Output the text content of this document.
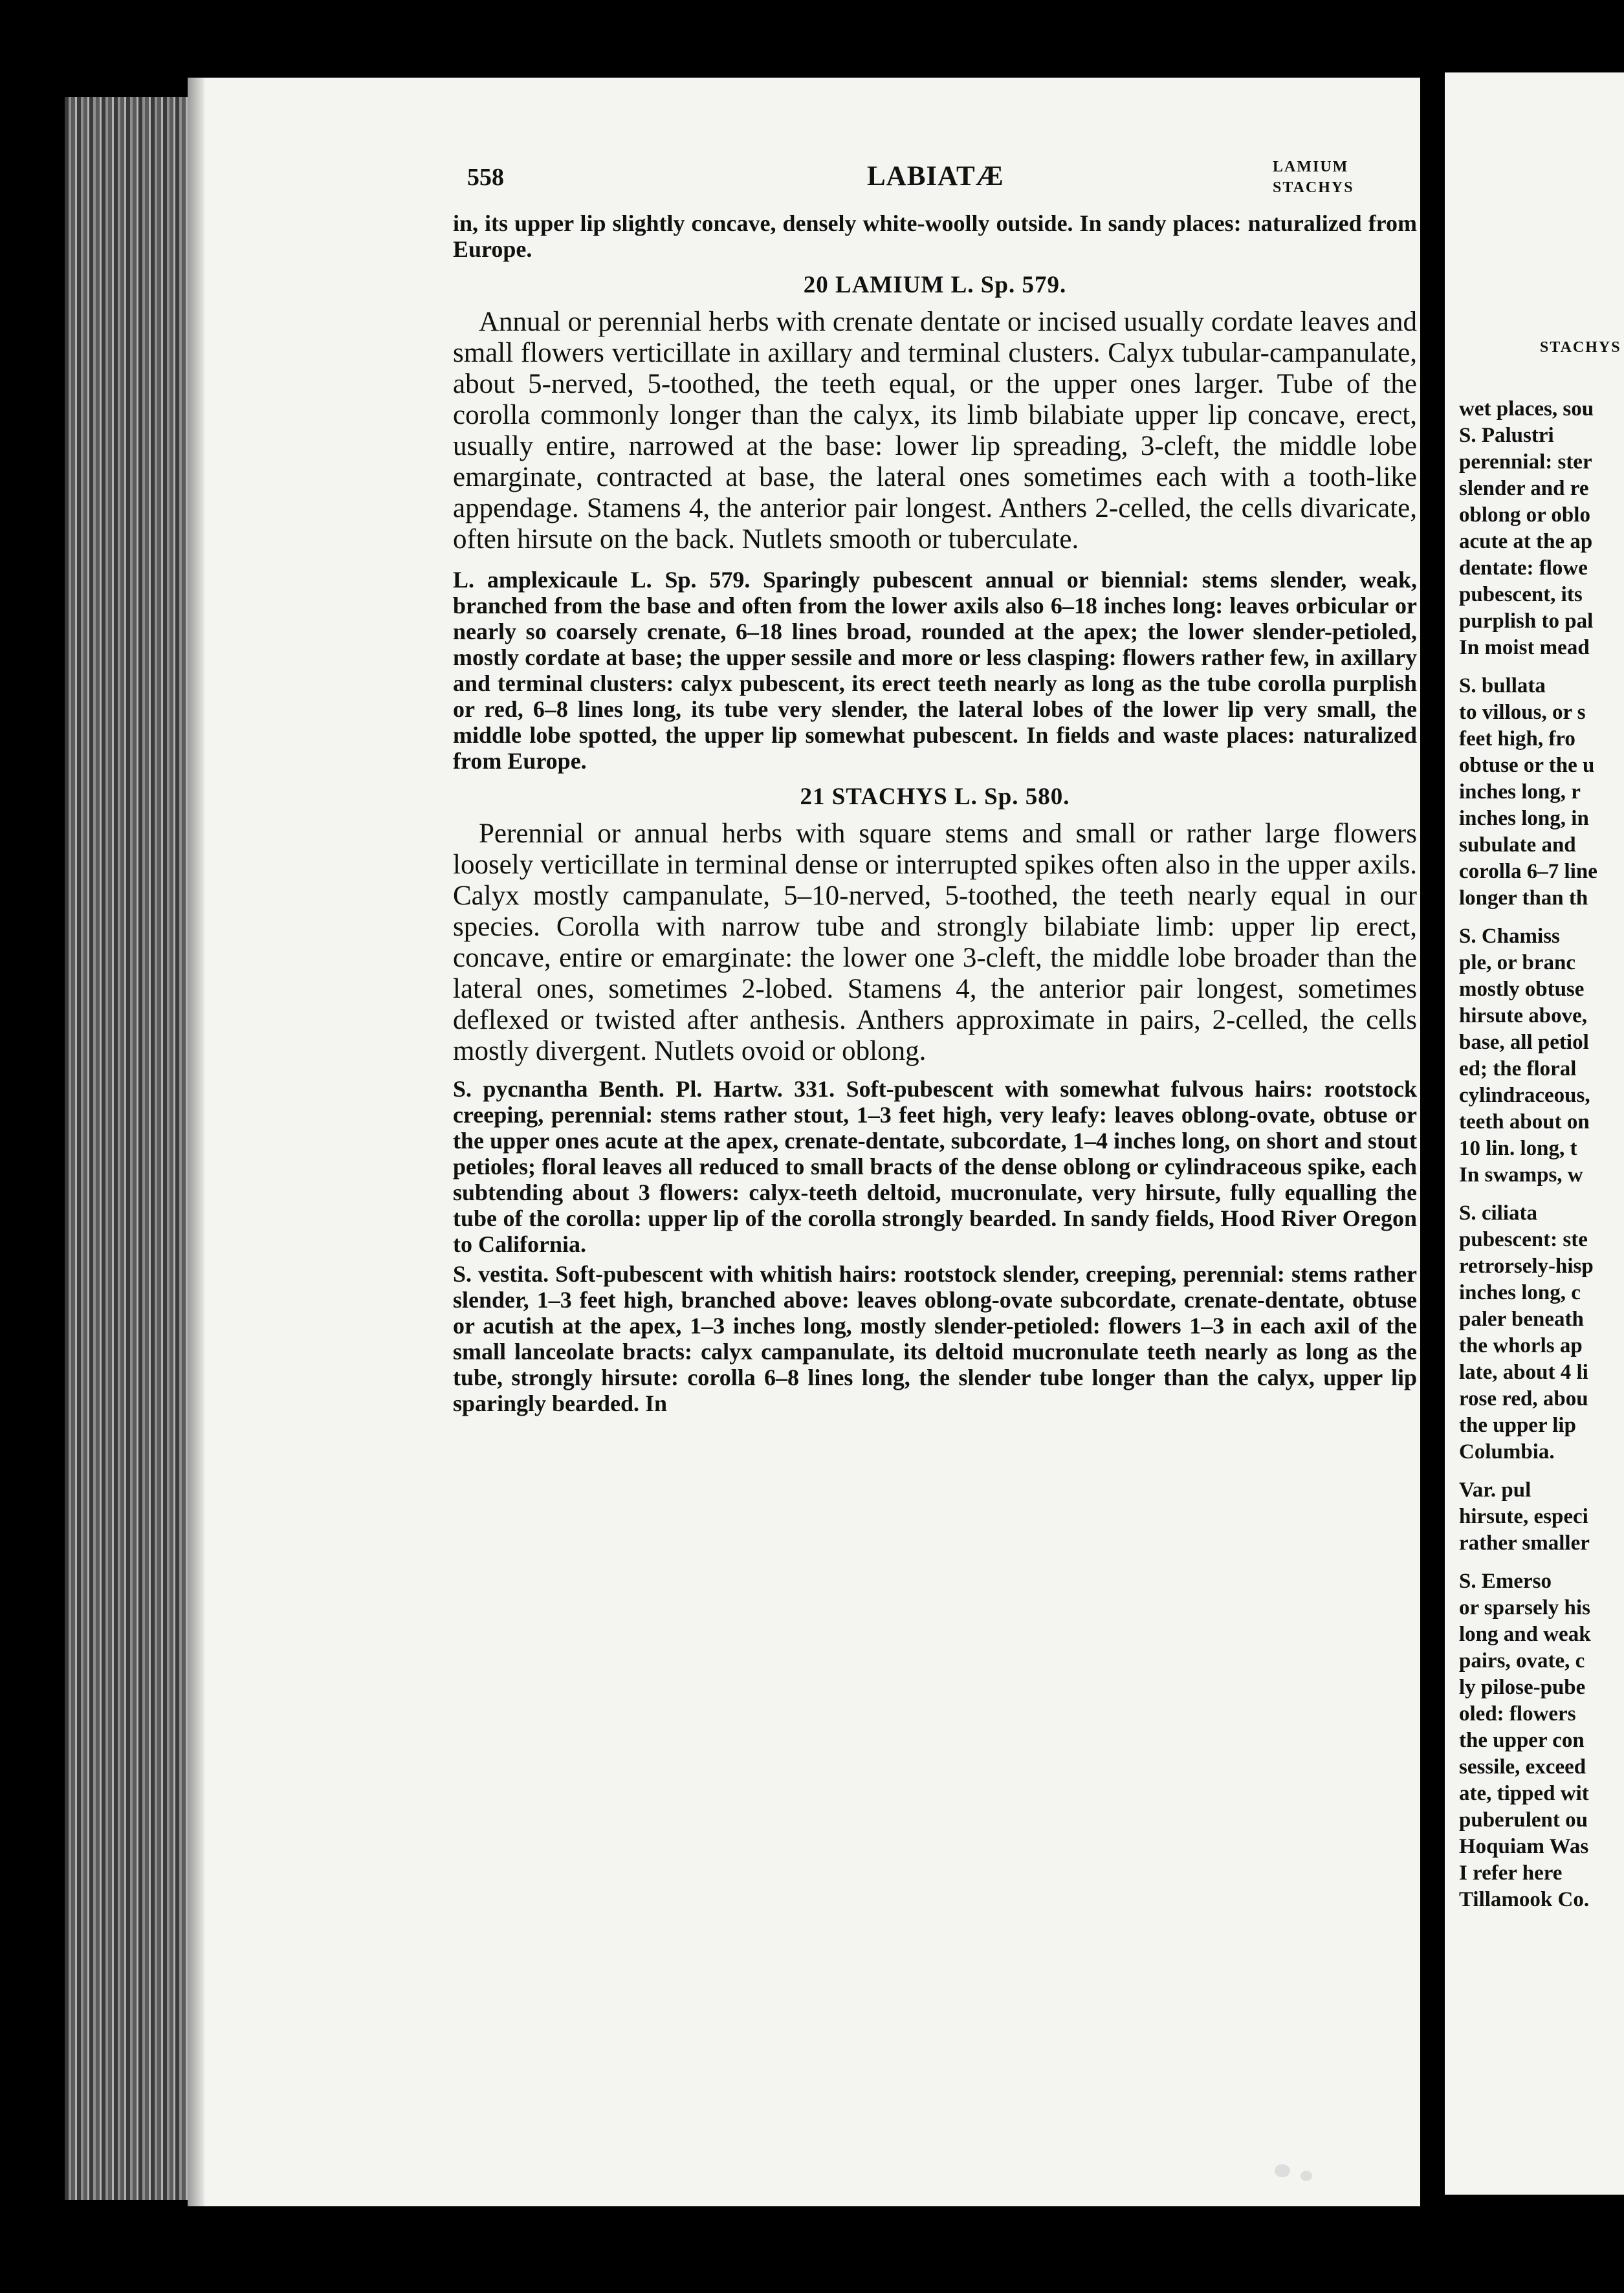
558	LABIATÆ	LAMIUM
STACHYS

in, its upper lip slightly concave, densely white-woolly outside. In sandy places: naturalized from Europe.

20 LAMIUM L. Sp. 579.

Annual or perennial herbs with crenate dentate or incised usually cordate leaves and small flowers verticillate in axillary and terminal clusters. Calyx tubular-campanulate, about 5-nerved, 5-toothed, the teeth equal, or the upper ones larger. Tube of the corolla commonly longer than the calyx, its limb bilabiate upper lip concave, erect, usually entire, narrowed at the base: lower lip spreading, 3-cleft, the middle lobe emarginate, contracted at base, the lateral ones sometimes each with a tooth-like appendage. Stamens 4, the anterior pair longest. Anthers 2-celled, the cells divaricate, often hirsute on the back. Nutlets smooth or tuberculate.

L. amplexicaule L. Sp. 579. Sparingly pubescent annual or biennial: stems slender, weak, branched from the base and often from the lower axils also 6–18 inches long: leaves orbicular or nearly so coarsely crenate, 6–18 lines broad, rounded at the apex; the lower slender-petioled, mostly cordate at base; the upper sessile and more or less clasping: flowers rather few, in axillary and terminal clusters: calyx pubescent, its erect teeth nearly as long as the tube corolla purplish or red, 6–8 lines long, its tube very slender, the lateral lobes of the lower lip very small, the middle lobe spotted, the upper lip somewhat pubescent. In fields and waste places: naturalized from Europe.

21 STACHYS L. Sp. 580.

Perennial or annual herbs with square stems and small or rather large flowers loosely verticillate in terminal dense or interrupted spikes often also in the upper axils. Calyx mostly campanulate, 5–10-nerved, 5-toothed, the teeth nearly equal in our species. Corolla with narrow tube and strongly bilabiate limb: upper lip erect, concave, entire or emarginate: the lower one 3-cleft, the middle lobe broader than the lateral ones, sometimes 2-lobed. Stamens 4, the anterior pair longest, sometimes deflexed or twisted after anthesis. Anthers approximate in pairs, 2-celled, the cells mostly divergent. Nutlets ovoid or oblong.

S. pycnantha Benth. Pl. Hartw. 331. Soft-pubescent with somewhat fulvous hairs: rootstock creeping, perennial: stems rather stout, 1–3 feet high, very leafy: leaves oblong-ovate, obtuse or the upper ones acute at the apex, crenate-dentate, subcordate, 1–4 inches long, on short and stout petioles; floral leaves all reduced to small bracts of the dense oblong or cylindraceous spike, each subtending about 3 flowers: calyx-teeth deltoid, mucronulate, very hirsute, fully equalling the tube of the corolla: upper lip of the corolla strongly bearded. In sandy fields, Hood River Oregon to California.

S. vestita. Soft-pubescent with whitish hairs: rootstock slender, creeping, perennial: stems rather slender, 1–3 feet high, branched above: leaves oblong-ovate subcordate, crenate-dentate, obtuse or acutish at the apex, 1–3 inches long, mostly slender-petioled: flowers 1–3 in each axil of the small lanceolate bracts: calyx campanulate, its deltoid mucronulate teeth nearly as long as the tube, strongly hirsute: corolla 6–8 lines long, the slender tube longer than the calyx, upper lip sparingly bearded. In

STACHYS
wet places, sou
S. Palustri
perennial: ster
slender and re
oblong or oblo
acute at the ap
dentate: flowe
pubescent, its
purplish to pal
In moist mead
S. bullata
to villous, or s
feet high, fro
obtuse or the u
inches long, r
inches long, in
subulate and
corolla 6–7 line
longer than th
S. Chamiss
ple, or branc
mostly obtuse
hirsute above,
base, all petiol
ed; the floral
cylindraceous,
teeth about on
10 lin. long, t
In swamps, w
S. ciliata
pubescent: ste
retrorsely-hisp
inches long, c
paler beneath
the whorls ap
late, about 4 li
rose red, abou
the upper lip
Columbia.
Var. pul
hirsute, especi
rather smaller
S. Emerso
or sparsely his
long and weak
pairs, ovate, c
ly pilose-pube
oled: flowers
the upper con
sessile, exceed
ate, tipped wit
puberulent ou
Hoquiam Was
I refer here
Tillamook Co.
